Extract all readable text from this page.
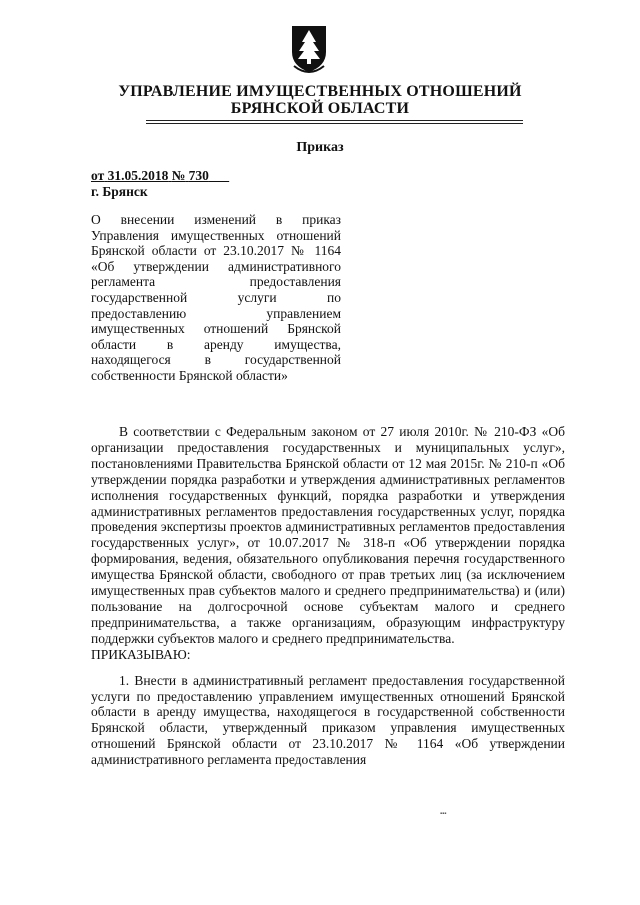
УПРАВЛЕНИЕ ИМУЩЕСТВЕННЫХ ОТНОШЕНИЙ
БРЯНСКОЙ ОБЛАСТИ
Приказ
от 31.05.2018 № 730
г. Брянск
О внесении изменений в приказ Управления имущественных отношений Брянской области от 23.10.2017 № 1164 «Об утверждении административного регламента предоставления государственной услуги по предоставлению управлением имущественных отношений Брянской области в аренду имущества, находящегося в государственной собственности Брянской области»

В соответствии с Федеральным законом от 27 июля 2010г. № 210-ФЗ «Об организации предоставления государственных и муниципальных услуг», постановлениями Правительства Брянской области от 12 мая 2015г. № 210-п «Об утверждении порядка разработки и утверждения административных регламентов исполнения государственных функций, порядка разработки и утверждения административных регламентов предоставления государственных услуг, порядка проведения экспертизы проектов административных регламентов предоставления государственных услуг», от 10.07.2017 № 318-п «Об утверждении порядка формирования, ведения, обязательного опубликования перечня государственного имущества Брянской области, свободного от прав третьих лиц (за исключением имущественных прав субъектов малого и среднего предпринимательства) и (или) пользование на долгосрочной основе субъектам малого и среднего предпринимательства, а также организациям, образующим инфраструктуру поддержки субъектов малого и среднего предпринимательства.

ПРИКАЗЫВАЮ:

1. Внести в административный регламент предоставления государственной услуги по предоставлению управлением имущественных отношений Брянской области в аренду имущества, находящегося в государственной собственности Брянской области, утвержденный приказом управления имущественных отношений Брянской области от 23.10.2017 № 1164 «Об утверждении административного регламента предоставления

▪▪▪
